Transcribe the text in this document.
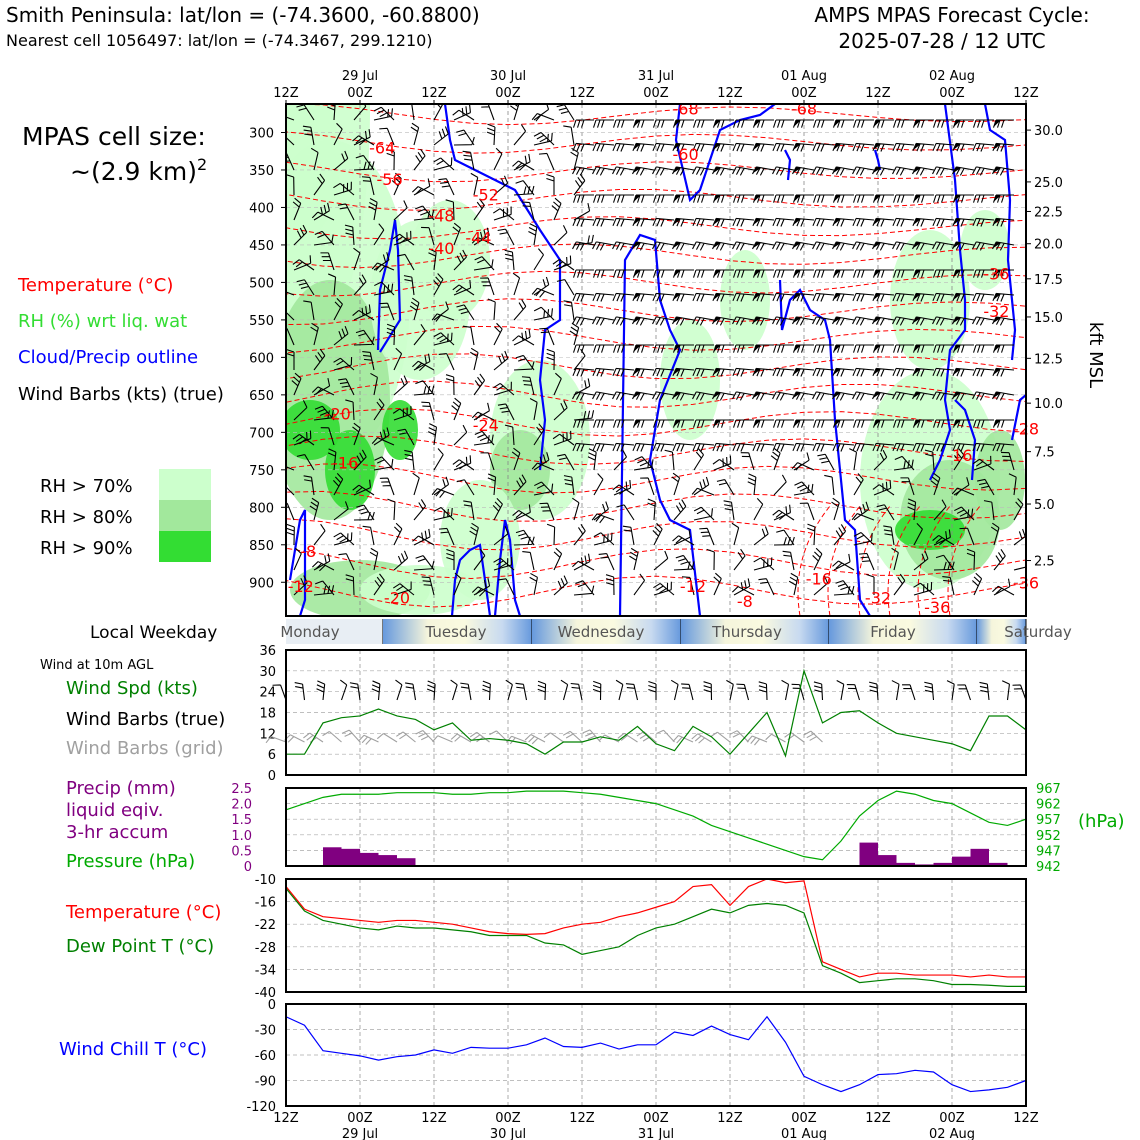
Smith Peninsula: lat/lon = (-74.3600, -60.8800)
Nearest cell 1056497: lat/lon = (-74.3467, 299.1210)
AMPS MPAS Forecast Cycle:
2025-07-28 / 12 UTC
MPAS cell size:
~(2.9 km)$^2$
Temperature (°C)
RH (%) wrt liq. wat
Cloud/Precip outline
Wind Barbs (kts) (true)
RH > 70%
RH > 80%
RH > 90%
12Z	00Z	12Z	00Z	12Z	00Z	12Z	00Z	12Z	00Z	12Z
29 Jul	30 Jul	31 Jul	01 Aug	02 Aug
-64
-56
-52
-48
-44
-40
-68	-68
-60
-20
-24
-16
-8
-12
-20
-12
-8
-16
-32
-36
-16
-36
-32
-28
-36
300
350
400
450
500
550
600
650
700
750
800
850
900
30.0
25.0
22.5
20.0
17.5
15.0
12.5
10.0
7.5
5.0
2.5
kft MSL
Local Weekday	Monday	Tuesday	Wednesday	Thursday	Friday	Saturday
Wind at 10m AGL
Wind Spd (kts)
Wind Barbs (true)
Wind Barbs (grid)
36
30
24
18
12
6
0
Precip (mm)
liquid eqiv.
3-hr accum
Pressure (hPa)
(hPa)
2.5
2.0
1.5
1.0
0.5
0
967
962
957
952
947
942
Temperature (°C)
Dew Point T (°C)
-10
-16
-22
-28
-34
-40
Wind Chill T (°C)
0
-30
-60
-90
-120
12Z	00Z	12Z	00Z	12Z	00Z	12Z	00Z	12Z	00Z	12Z
29 Jul	30 Jul	31 Jul	01 Aug	02 Aug
